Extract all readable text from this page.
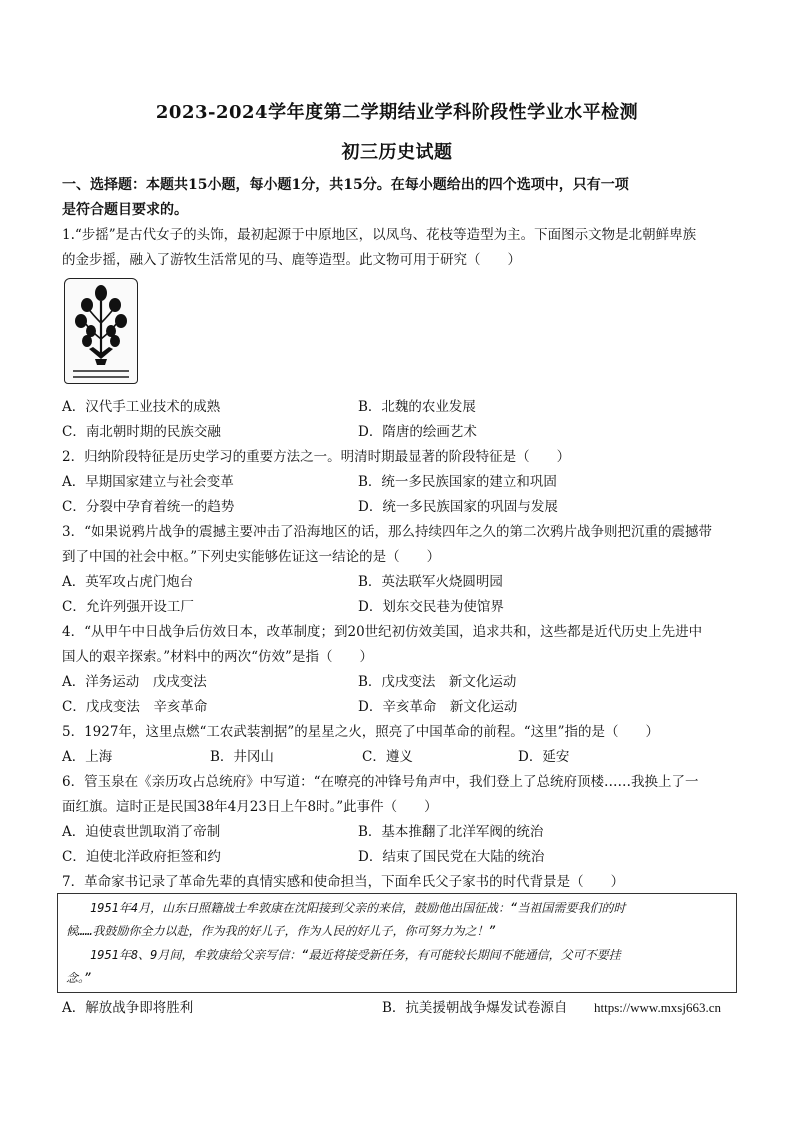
2023-2024学年度第二学期结业学科阶段性学业水平检测
初三历史试题
一、选择题：本题共15小题，每小题1分，共15分。在每小题给出的四个选项中，只有一项
是符合题目要求的。
1.“步摇”是古代女子的头饰，最初起源于中原地区，以凤鸟、花枝等造型为主。下面图示文物是北朝鲜卑族
的金步摇，融入了游牧生活常见的马、鹿等造型。此文物可用于研究（　　）
A．汉代手工业技术的成熟	B．北魏的农业发展
C．南北朝时期的民族交融	D．隋唐的绘画艺术
2．归纳阶段特征是历史学习的重要方法之一。明清时期最显著的阶段特征是（　　）
A．早期国家建立与社会变革	B．统一多民族国家的建立和巩固
C．分裂中孕育着统一的趋势	D．统一多民族国家的巩固与发展
3．“如果说鸦片战争的震撼主要冲击了沿海地区的话，那么持续四年之久的第二次鸦片战争则把沉重的震撼带
到了中国的社会中枢。”下列史实能够佐证这一结论的是（　　）
A．英军攻占虎门炮台	B．英法联军火烧圆明园
C．允许列强开设工厂	D．划东交民巷为使馆界
4．“从甲午中日战争后仿效日本，改革制度；到20世纪初仿效美国，追求共和，这些都是近代历史上先进中
国人的艰辛探索。”材料中的两次“仿效”是指（　　）
A．洋务运动　戊戌变法	B．戊戌变法　新文化运动
C．戊戌变法　辛亥革命	D．辛亥革命　新文化运动
5．1927年，这里点燃“工农武装割据”的星星之火，照亮了中国革命的前程。“这里”指的是（　　）
A．上海	B．井冈山	C．遵义	D．延安
6．管玉泉在《亲历攻占总统府》中写道：“在嘹亮的冲锋号角声中，我们登上了总统府顶楼……我换上了一
面红旗。這时正是民国38年4月23日上午8时。”此事件（　　）
A．迫使袁世凯取消了帝制	B．基本推翻了北洋军阀的统治
C．迫使北洋政府拒签和约	D．结束了国民党在大陆的统治
7．革命家书记录了革命先辈的真情实感和使命担当，下面牟氏父子家书的时代背景是（　　）
1951年4月，山东日照籍战士牟敦康在沈阳接到父亲的来信，鼓励他出国征战：“当祖国需要我们的时
候……我鼓励你全力以赴，作为我的好儿子，作为人民的好儿子，你可努力为之！”
1951年8、9月间，牟敦康给父亲写信：“最近将接受新任务，有可能较长期间不能通信，父可不要挂
念。”
A．解放战争即将胜利	B．抗美援朝战争爆发试卷源自 https://www.mxsj663.cn
